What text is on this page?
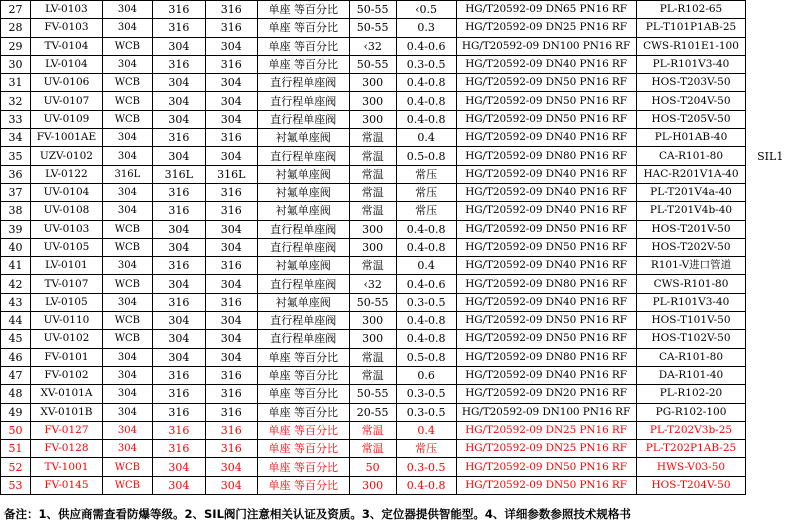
27	LV-0103	304	316	316	单座 等百分比	50-55	‹0.5	HG/T20592-09 DN65 PN16 RF	PL-R102-65	
28	FV-0103	304	316	316	单座 等百分比	50-55	0.3	HG/T20592-09 DN25 PN16 RF	PL-T101P1AB-25	
29	TV-0104	WCB	304	304	单座 等百分比	‹32	0.4-0.6	HG/T20592-09 DN100 PN16 RF	CWS-R101E1-100	
30	LV-0104	304	316	316	单座 等百分比	50-55	0.3-0.5	HG/T20592-09 DN40 PN16 RF	PL-R101V3-40	
31	UV-0106	WCB	304	304	直行程单座阀	300	0.4-0.8	HG/T20592-09 DN50 PN16 RF	HOS-T203V-50	
32	UV-0107	WCB	304	304	直行程单座阀	300	0.4-0.8	HG/T20592-09 DN50 PN16 RF	HOS-T204V-50	
33	UV-0109	WCB	304	304	直行程单座阀	300	0.4-0.8	HG/T20592-09 DN50 PN16 RF	HOS-T205V-50	
34	FV-1001AE	304	316	316	衬氟单座阀	常温	0.4	HG/T20592-09 DN40 PN16 RF	PL-H01AB-40	
35	UZV-0102	304	304	304	直行程单座阀	常温	0.5-0.8	HG/T20592-09 DN80 PN16 RF	CA-R101-80	SIL1
36	LV-0122	316L	316L	316L	衬氟单座阀	常温	常压	HG/T20592-09 DN40 PN16 RF	HAC-R201V1A-40	
37	UV-0104	304	316	316	衬氟单座阀	常温	常压	HG/T20592-09 DN40 PN16 RF	PL-T201V4a-40	
38	UV-0108	304	316	316	衬氟单座阀	常温	常压	HG/T20592-09 DN40 PN16 RF	PL-T201V4b-40	
39	UV-0103	WCB	304	304	直行程单座阀	300	0.4-0.8	HG/T20592-09 DN50 PN16 RF	HOS-T201V-50	
40	UV-0105	WCB	304	304	直行程单座阀	300	0.4-0.8	HG/T20592-09 DN50 PN16 RF	HOS-T202V-50	
41	LV-0101	304	316	316	衬氟单座阀	常温	0.4	HG/T20592-09 DN40 PN16 RF	R101-V进口管道	
42	TV-0107	WCB	304	304	直行程单座阀	‹32	0.4-0.6	HG/T20592-09 DN80 PN16 RF	CWS-R101-80	
43	LV-0105	304	316	316	衬氟单座阀	50-55	0.3-0.5	HG/T20592-09 DN40 PN16 RF	PL-R101V3-40	
44	UV-0110	WCB	304	304	直行程单座阀	300	0.4-0.8	HG/T20592-09 DN50 PN16 RF	HOS-T101V-50	
45	UV-0102	WCB	304	304	直行程单座阀	300	0.4-0.8	HG/T20592-09 DN50 PN16 RF	HOS-T102V-50	
46	FV-0101	304	304	304	单座 等百分比	常温	0.5-0.8	HG/T20592-09 DN80 PN16 RF	CA-R101-80	
47	FV-0102	304	316	316	单座 等百分比	常温	0.6	HG/T20592-09 DN40 PN16 RF	DA-R101-40	
48	XV-0101A	304	316	316	单座 等百分比	50-55	0.3-0.5	HG/T20592-09 DN20 PN16 RF	PL-R102-20	
49	XV-0101B	304	316	316	单座 等百分比	20-55	0.3-0.5	HG/T20592-09 DN100 PN16 RF	PG-R102-100	
50	FV-0127	304	316	316	单座 等百分比	常温	0.4	HG/T20592-09 DN25 PN16 RF	PL-T202V3b-25	
51	FV-0128	304	316	316	单座 等百分比	常温	常压	HG/T20592-09 DN25 PN16 RF	PL-T202P1AB-25	
52	TV-1001	WCB	304	304	单座 等百分比	50	0.3-0.5	HG/T20592-09 DN50 PN16 RF	HWS-V03-50	
53	FV-0145	WCB	304	304	单座 等百分比	300	0.4-0.8	HG/T20592-09 DN50 PN16 RF	HOS-T204V-50	
备注：1、供应商需查看防爆等级。2、SIL阀门注意相关认证及资质。3、定位器提供智能型。4、详细参数参照技术规格书
